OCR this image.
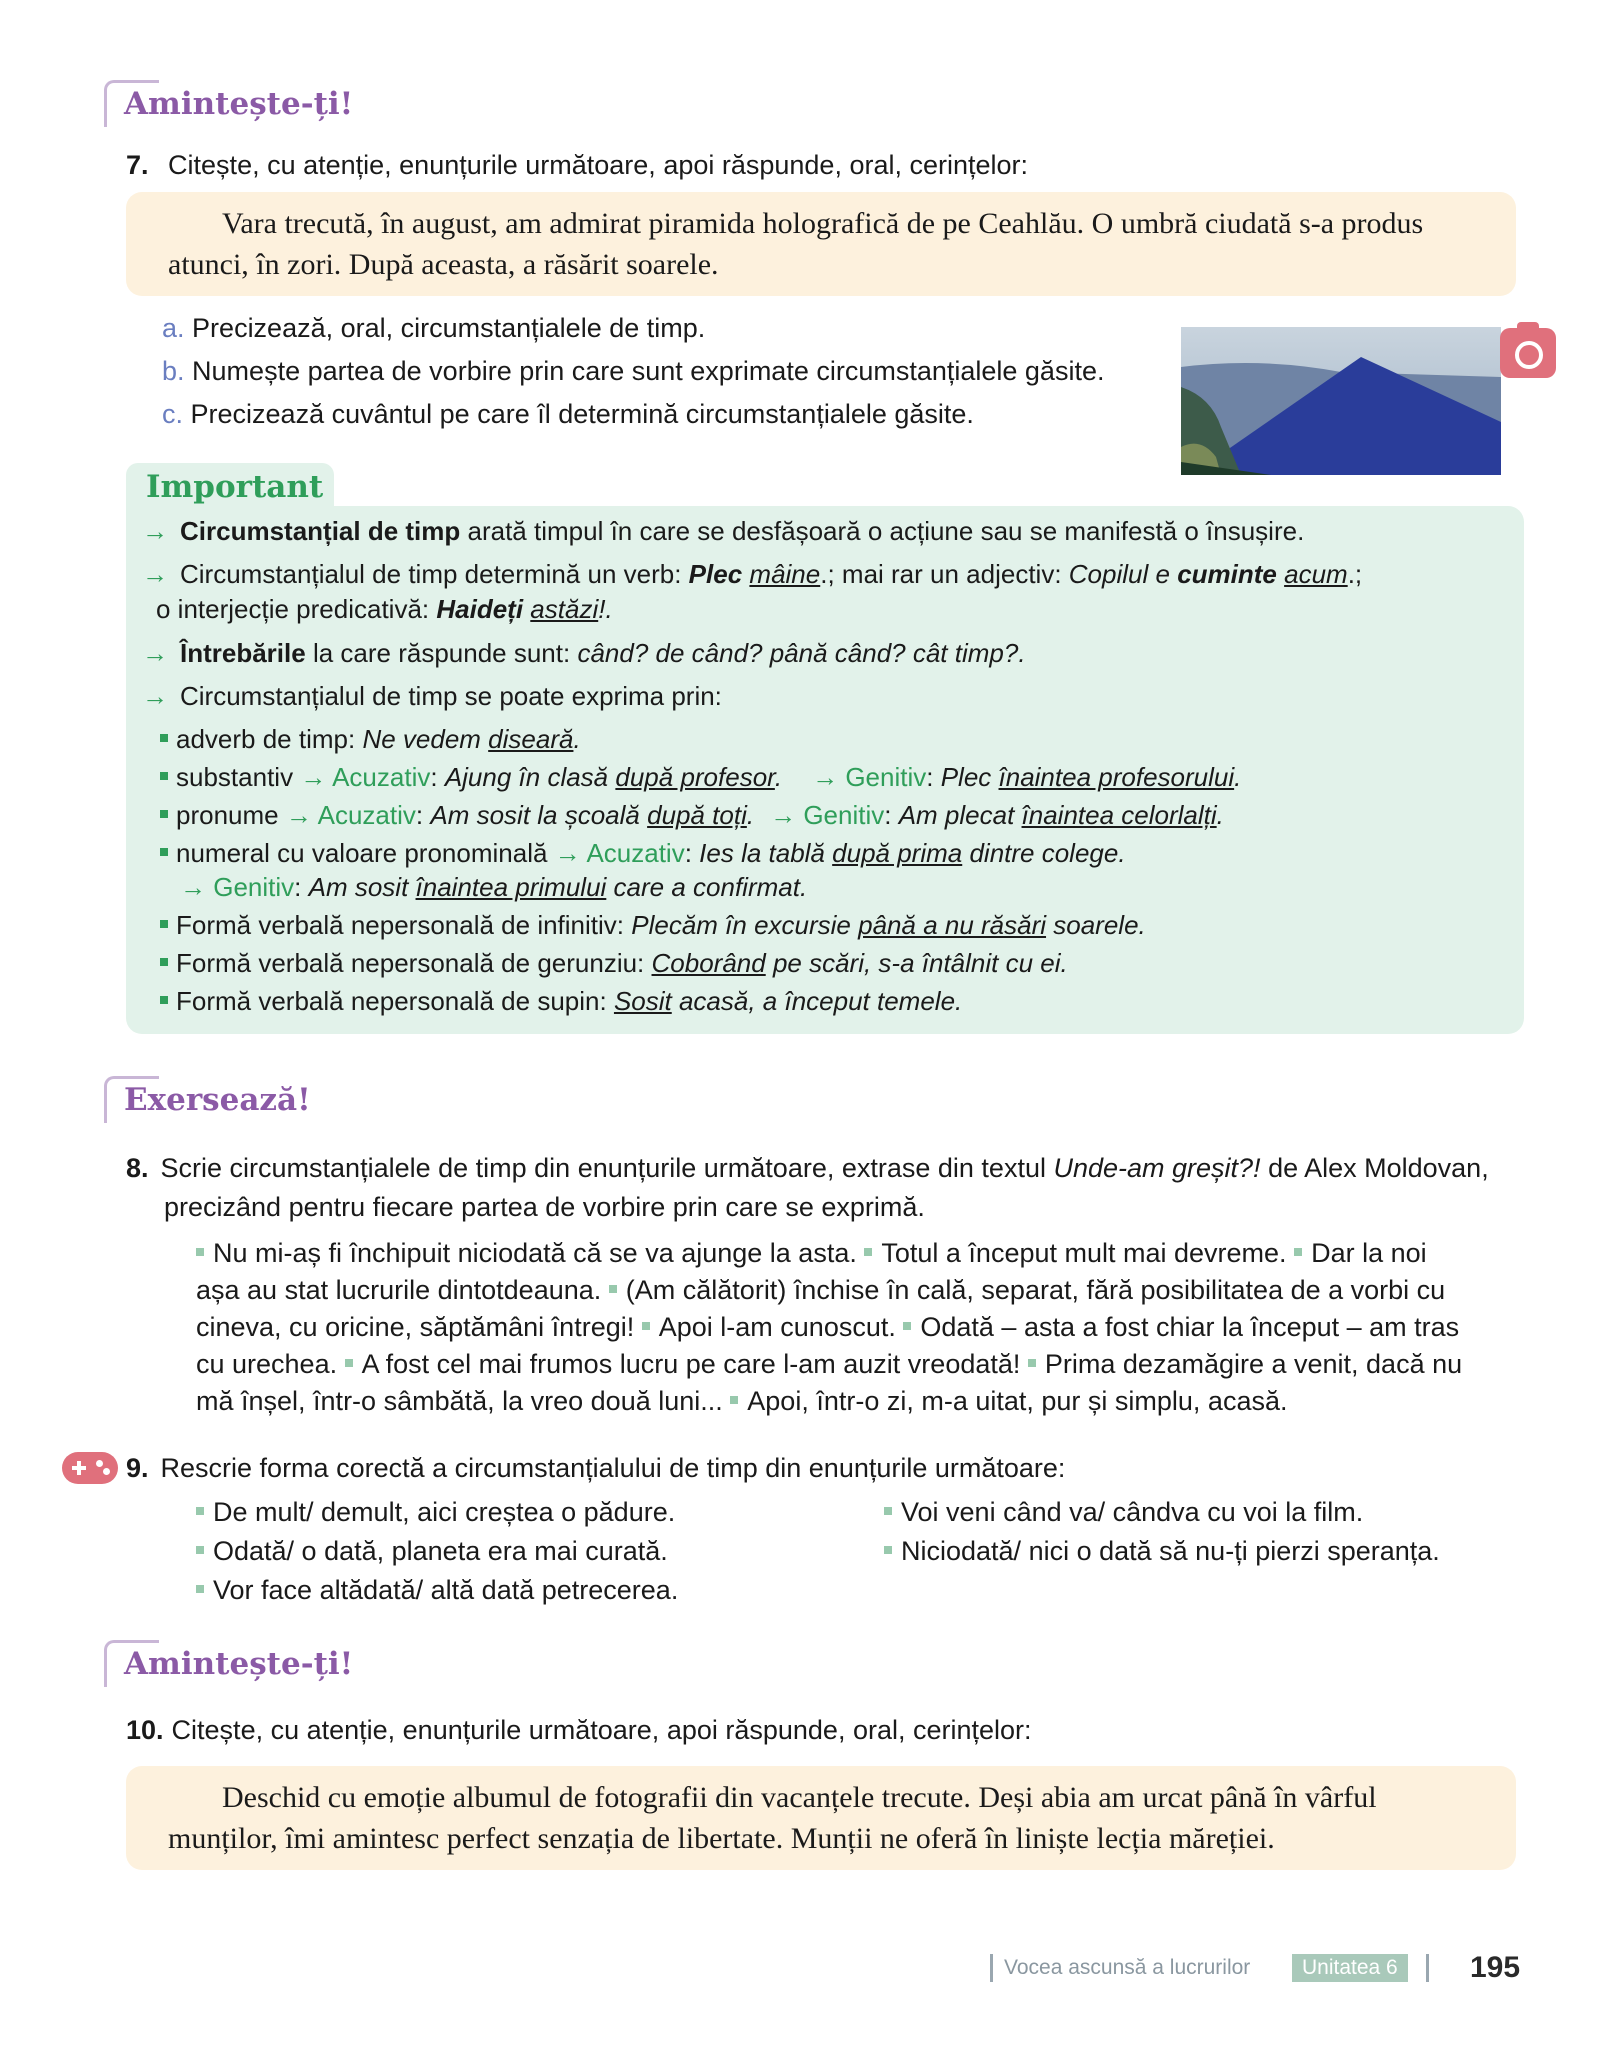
Amintește-ți!
7. Citește, cu atenție, enunțurile următoare, apoi răspunde, oral, cerințelor:
Vara trecută, în august, am admirat piramida holografică de pe Ceahlău. O umbră ciudată s-a produs
atunci, în zori. După aceasta, a răsărit soarele.
a. Precizează, oral, circumstanțialele de timp.
b. Numește partea de vorbire prin care sunt exprimate circumstanțialele găsite.
c. Precizează cuvântul pe care îl determină circumstanțialele găsite.
Important
→ Circumstanțial de timp arată timpul în care se desfășoară o acțiune sau se manifestă o însușire.
→ Circumstanțialul de timp determină un verb: Plec mâine.; mai rar un adjectiv: Copilul e cuminte acum.;
o interjecție predicativă: Haideți astăzi!.
→ Întrebările la care răspunde sunt: când? de când? până când? cât timp?.
→ Circumstanțialul de timp se poate exprima prin:
adverb de timp: Ne vedem diseară.
substantiv → Acuzativ: Ajung în clasă după profesor. → Genitiv: Plec înaintea profesorului.
pronume → Acuzativ: Am sosit la școală după toți. → Genitiv: Am plecat înaintea celorlalți.
numeral cu valoare pronominală → Acuzativ: Ies la tablă după prima dintre colege.
→ Genitiv: Am sosit înaintea primului care a confirmat.
Formă verbală nepersonală de infinitiv: Plecăm în excursie până a nu răsări soarele.
Formă verbală nepersonală de gerunziu: Coborând pe scări, s-a întâlnit cu ei.
Formă verbală nepersonală de supin: Sosit acasă, a început temele.
Exersează!
8. Scrie circumstanțialele de timp din enunțurile următoare, extrase din textul Unde-am greșit?! de Alex Moldovan,
precizând pentru fiecare partea de vorbire prin care se exprimă.
Nu mi-aș fi închipuit niciodată că se va ajunge la asta. Totul a început mult mai devreme. Dar la noi
așa au stat lucrurile dintotdeauna. (Am călătorit) închise în cală, separat, fără posibilitatea de a vorbi cu
cineva, cu oricine, săptămâni întregi! Apoi l-am cunoscut. Odată – asta a fost chiar la început – am tras
cu urechea. A fost cel mai frumos lucru pe care l-am auzit vreodată! Prima dezamăgire a venit, dacă nu
mă înșel, într-o sâmbătă, la vreo două luni... Apoi, într-o zi, m-a uitat, pur și simplu, acasă.
9. Rescrie forma corectă a circumstanțialului de timp din enunțurile următoare:
De mult/ demult, aici creștea o pădure.
Odată/ o dată, planeta era mai curată.
Vor face altădată/ altă dată petrecerea.
Voi veni când va/ cândva cu voi la film.
Niciodată/ nici o dată să nu-ți pierzi speranța.
Amintește-ți!
10. Citește, cu atenție, enunțurile următoare, apoi răspunde, oral, cerințelor:
Deschid cu emoție albumul de fotografii din vacanțele trecute. Deși abia am urcat până în vârful
munților, îmi amintesc perfect senzația de libertate. Munții ne oferă în liniște lecția măreției.
Vocea ascunsă a lucrurilor	Unitatea 6	195
